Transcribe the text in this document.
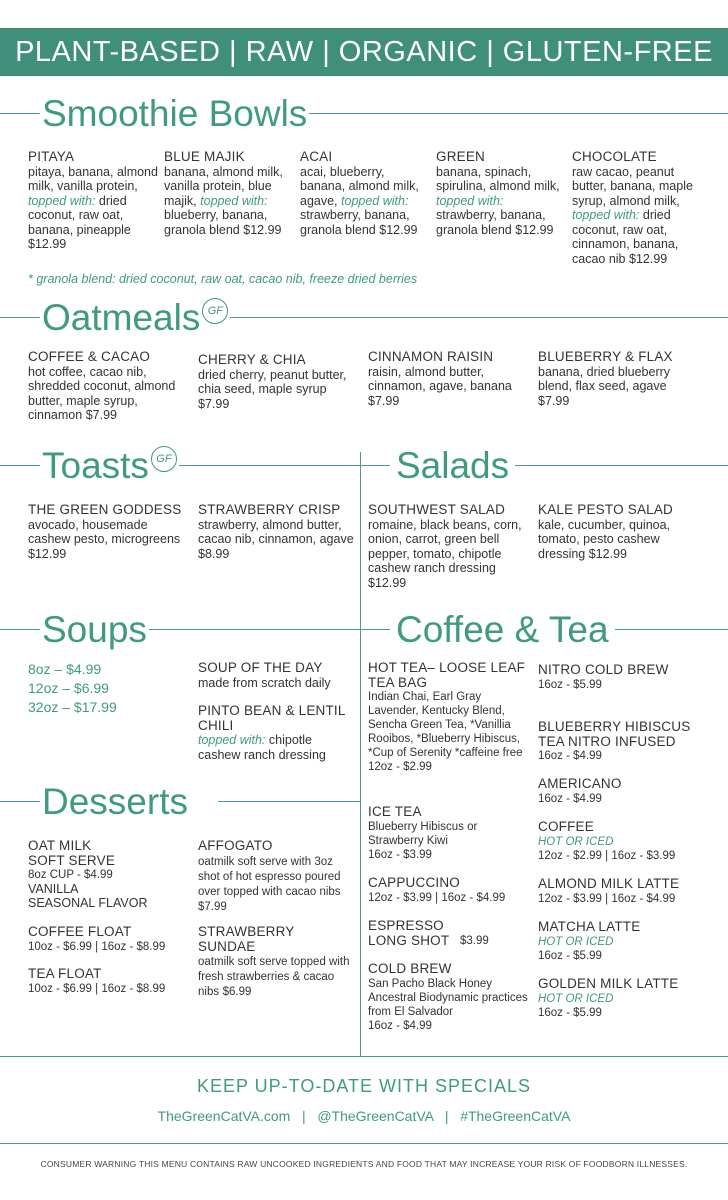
PLANT-BASED | RAW | ORGANIC | GLUTEN-FREE
Smoothie Bowls
PITAYA
pitaya, banana, almond milk, vanilla protein, topped with: dried coconut, raw oat, banana, pineapple $12.99
BLUE MAJIK
banana, almond milk, vanilla protein, blue majik, topped with: blueberry, banana, granola blend $12.99
ACAI
acai, blueberry, banana, almond milk, agave, topped with: strawberry, banana, granola blend $12.99
GREEN
banana, spinach, spirulina, almond milk, topped with: strawberry, banana, granola blend $12.99
CHOCOLATE
raw cacao, peanut butter, banana, maple syrup, almond milk, topped with: dried coconut, raw oat, cinnamon, banana, cacao nib $12.99
* granola blend: dried coconut, raw oat, cacao nib, freeze dried berries
Oatmeals GF
COFFEE & CACAO
hot coffee, cacao nib, shredded coconut, almond butter, maple syrup, cinnamon $7.99
CHERRY & CHIA
dried cherry, peanut butter, chia seed, maple syrup $7.99
CINNAMON RAISIN
raisin, almond butter, cinnamon, agave, banana $7.99
BLUEBERRY & FLAX
banana, dried blueberry blend, flax seed, agave $7.99
Toasts GF	Salads
THE GREEN GODDESS
avocado, housemade cashew pesto, microgreens $12.99
STRAWBERRY CRISP
strawberry, almond butter, cacao nib, cinnamon, agave $8.99
SOUTHWEST SALAD
romaine, black beans, corn, onion, carrot, green bell pepper, tomato, chipotle cashew ranch dressing $12.99
KALE PESTO SALAD
kale, cucumber, quinoa, tomato, pesto cashew dressing $12.99
Soups	Coffee & Tea
8oz – $4.99
12oz – $6.99
32oz – $17.99
SOUP OF THE DAY
made from scratch daily
PINTO BEAN & LENTIL CHILI
topped with: chipotle cashew ranch dressing
HOT TEA– LOOSE LEAF TEA BAG
Indian Chai, Earl Gray Lavender, Kentucky Blend, Sencha Green Tea, *Vanillia Rooibos, *Blueberry Hibiscus, *Cup of Serenity *caffeine free
12oz - $2.99
ICE TEA
Blueberry Hibiscus or Strawberry Kiwi
16oz - $3.99
CAPPUCCINO
12oz - $3.99 | 16oz - $4.99
ESPRESSO LONG SHOT $3.99
COLD BREW
San Pacho Black Honey Ancestral Biodynamic practices from El Salvador
16oz - $4.99
NITRO COLD BREW
16oz - $5.99
BLUEBERRY HIBISCUS TEA NITRO INFUSED
16oz - $4.99
AMERICANO
16oz - $4.99
COFFEE
HOT OR ICED
12oz - $2.99 | 16oz - $3.99
ALMOND MILK LATTE
12oz - $3.99 | 16oz - $4.99
MATCHA LATTE
HOT OR ICED
16oz - $5.99
GOLDEN MILK LATTE
HOT OR ICED
16oz - $5.99
Desserts
OAT MILK SOFT SERVE
8oz CUP - $4.99
VANILLA
SEASONAL FLAVOR
COFFEE FLOAT
10oz - $6.99 | 16oz - $8.99
TEA FLOAT
10oz - $6.99 | 16oz - $8.99
AFFOGATO
oatmilk soft serve with 3oz shot of hot espresso poured over topped with cacao nibs $7.99
STRAWBERRY SUNDAE
oatmilk soft serve topped with fresh strawberries & cacao nibs $6.99
KEEP UP-TO-DATE WITH SPECIALS
TheGreenCatVA.com   |   @TheGreenCatVA   |   #TheGreenCatVA
CONSUMER WARNING THIS MENU CONTAINS RAW UNCOOKED INGREDIENTS AND FOOD THAT MAY INCREASE YOUR RISK OF FOODBORN ILLNESSES.
